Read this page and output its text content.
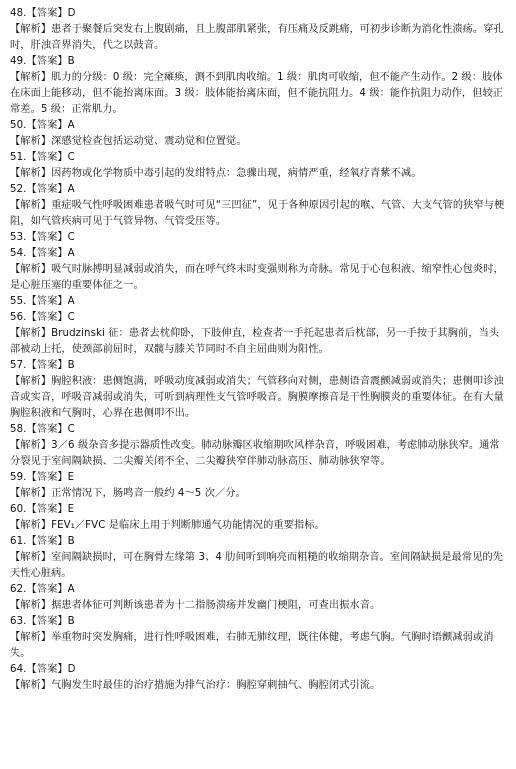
48.【答案】D
【解析】患者于聚餐后突发右上腹剧痛，且上腹部肌紧张，有压痛及反跳痛，可初步诊断为消化性溃疡。穿孔时，肝浊音界消失，代之以鼓音。
49.【答案】B
【解析】肌力的分级：0 级：完全瘫痪，测不到肌肉收缩。1 级：肌肉可收缩，但不能产生动作。2 级：肢体在床面上能移动，但不能抬离床面。3 级：肢体能抬离床面，但不能抗阻力。4 级：能作抗阻力动作，但较正常差。5 级：正常肌力。
50.【答案】A
【解析】深感觉检查包括运动觉、震动觉和位置觉。
51.【答案】C
【解析】因药物或化学物质中毒引起的发绀特点：急骤出现，病情严重，经氧疗青紫不减。
52.【答案】A
【解析】重症吸气性呼吸困难患者吸气时可见“三凹征”，见于各种原因引起的喉、气管、大支气管的狭窄与梗阻，如气管疾病可见于气管异物、气管受压等。
53.【答案】C
54.【答案】A
【解析】吸气时脉搏明显减弱或消失，而在呼气终末时变强则称为奇脉。常见于心包积液、缩窄性心包炎时，是心脏压塞的重要体征之一。
55.【答案】A
56.【答案】C
【解析】Brudzinski 征：患者去枕仰卧，下肢伸直，检查者一手托起患者后枕部，另一手按于其胸前，当头部被动上托，使颈部前屈时，双髋与膝关节同时不自主屈曲则为阳性。
57.【答案】B
【解析】胸腔积液：患侧饱满，呼吸动度减弱或消失；气管移向对侧，患侧语音震颤减弱或消失；患侧叩诊浊音或实音，呼吸音减弱或消失，可听到病理性支气管呼吸音。胸膜摩擦音是干性胸膜炎的重要体征。在有大量胸腔积液和气胸时，心界在患侧叩不出。
58.【答案】C
【解析】3／6 级杂音多提示器质性改变。肺动脉瓣区收缩期吹风样杂音，呼吸困难，考虑肺动脉狭窄。通常分裂见于室间隔缺损、二尖瓣关闭不全、二尖瓣狭窄伴肺动脉高压、肺动脉狭窄等。
59.【答案】E
【解析】正常情况下，肠鸣音一般约 4～5 次／分。
60.【答案】E
【解析】FEV₁／FVC 是临床上用于判断肺通气功能情况的重要指标。
61.【答案】B
【解析】室间隔缺损时，可在胸骨左缘第 3、4 肋间听到响亮而粗糙的收缩期杂音。室间隔缺损是最常见的先天性心脏病。
62.【答案】A
【解析】据患者体征可判断该患者为十二指肠溃疡并发幽门梗阻，可查出振水音。
63.【答案】B
【解析】举重物时突发胸痛，进行性呼吸困难，右肺无肺纹理，既往体健，考虑气胸。气胸时语颤减弱或消失。
64.【答案】D
【解析】气胸发生时最佳的治疗措施为排气治疗：胸腔穿刺抽气、胸腔闭式引流。
